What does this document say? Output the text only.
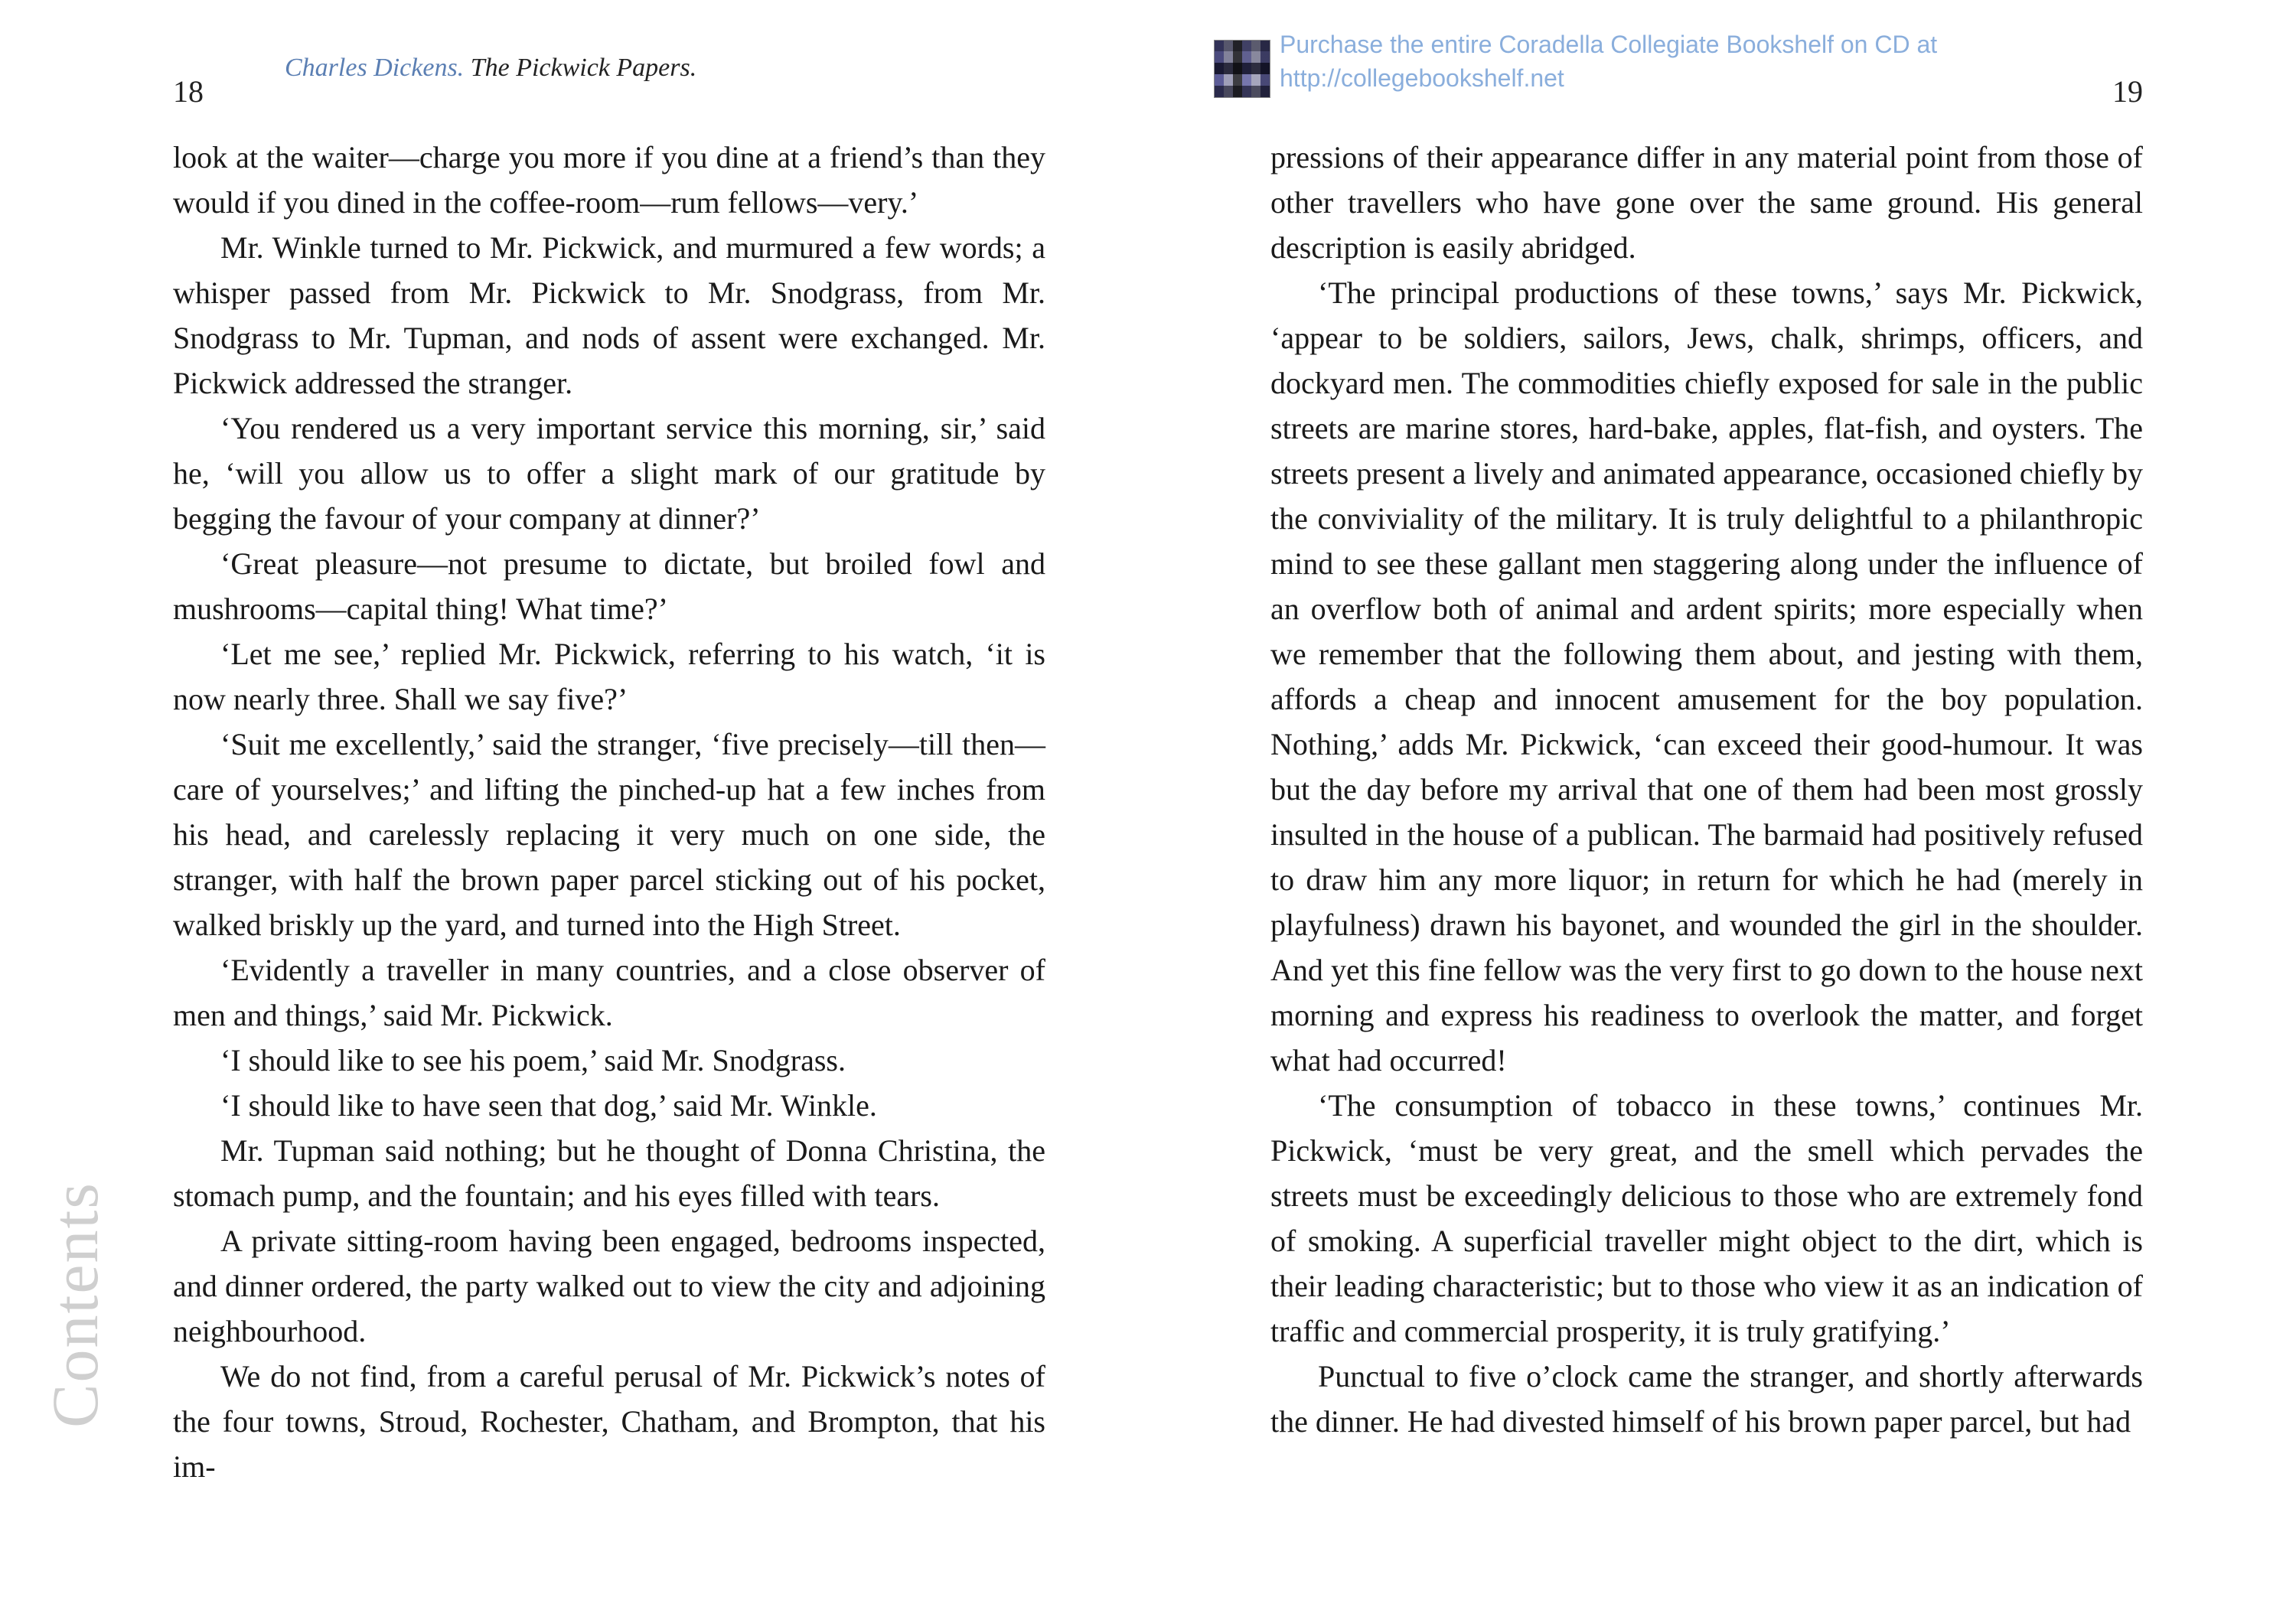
18
Charles Dickens. The Pickwick Papers.

look at the waiter—charge you more if you dine at a friend’s than they would if you dined in the coffee-room—rum fellows—very.’

Mr. Winkle turned to Mr. Pickwick, and murmured a few words; a whisper passed from Mr. Pickwick to Mr. Snodgrass, from Mr. Snodgrass to Mr. Tupman, and nods of assent were exchanged. Mr. Pickwick addressed the stranger.

‘You rendered us a very important service this morning, sir,’ said he, ‘will you allow us to offer a slight mark of our gratitude by begging the favour of your company at dinner?’

‘Great pleasure—not presume to dictate, but broiled fowl and mushrooms—capital thing! What time?’

‘Let me see,’ replied Mr. Pickwick, referring to his watch, ‘it is now nearly three. Shall we say five?’

‘Suit me excellently,’ said the stranger, ‘five precisely—till then—care of yourselves;’ and lifting the pinched-up hat a few inches from his head, and carelessly replacing it very much on one side, the stranger, with half the brown paper parcel sticking out of his pocket, walked briskly up the yard, and turned into the High Street.

‘Evidently a traveller in many countries, and a close observer of men and things,’ said Mr. Pickwick.

‘I should like to see his poem,’ said Mr. Snodgrass.

‘I should like to have seen that dog,’ said Mr. Winkle.

Mr. Tupman said nothing; but he thought of Donna Christina, the stomach pump, and the fountain; and his eyes filled with tears.

A private sitting-room having been engaged, bedrooms inspected, and dinner ordered, the party walked out to view the city and adjoining neighbourhood.

We do not find, from a careful perusal of Mr. Pickwick’s notes of the four towns, Stroud, Rochester, Chatham, and Brompton, that his im-

Contents
Purchase the entire Coradella Collegiate Bookshelf on CD at
http://collegebookshelf.net	19

pressions of their appearance differ in any material point from those of other travellers who have gone over the same ground. His general description is easily abridged.

‘The principal productions of these towns,’ says Mr. Pickwick, ‘appear to be soldiers, sailors, Jews, chalk, shrimps, officers, and dockyard men. The commodities chiefly exposed for sale in the public streets are marine stores, hard-bake, apples, flat-fish, and oysters. The streets present a lively and animated appearance, occasioned chiefly by the conviviality of the military. It is truly delightful to a philanthropic mind to see these gallant men staggering along under the influence of an overflow both of animal and ardent spirits; more especially when we remember that the following them about, and jesting with them, affords a cheap and innocent amusement for the boy population. Nothing,’ adds Mr. Pickwick, ‘can exceed their good-humour. It was but the day before my arrival that one of them had been most grossly insulted in the house of a publican. The barmaid had positively refused to draw him any more liquor; in return for which he had (merely in playfulness) drawn his bayonet, and wounded the girl in the shoulder. And yet this fine fellow was the very first to go down to the house next morning and express his readiness to overlook the matter, and forget what had occurred!

‘The consumption of tobacco in these towns,’ continues Mr. Pickwick, ‘must be very great, and the smell which pervades the streets must be exceedingly delicious to those who are extremely fond of smoking. A superficial traveller might object to the dirt, which is their leading characteristic; but to those who view it as an indication of traffic and commercial prosperity, it is truly gratifying.’

Punctual to five o’clock came the stranger, and shortly afterwards the dinner. He had divested himself of his brown paper parcel, but had
